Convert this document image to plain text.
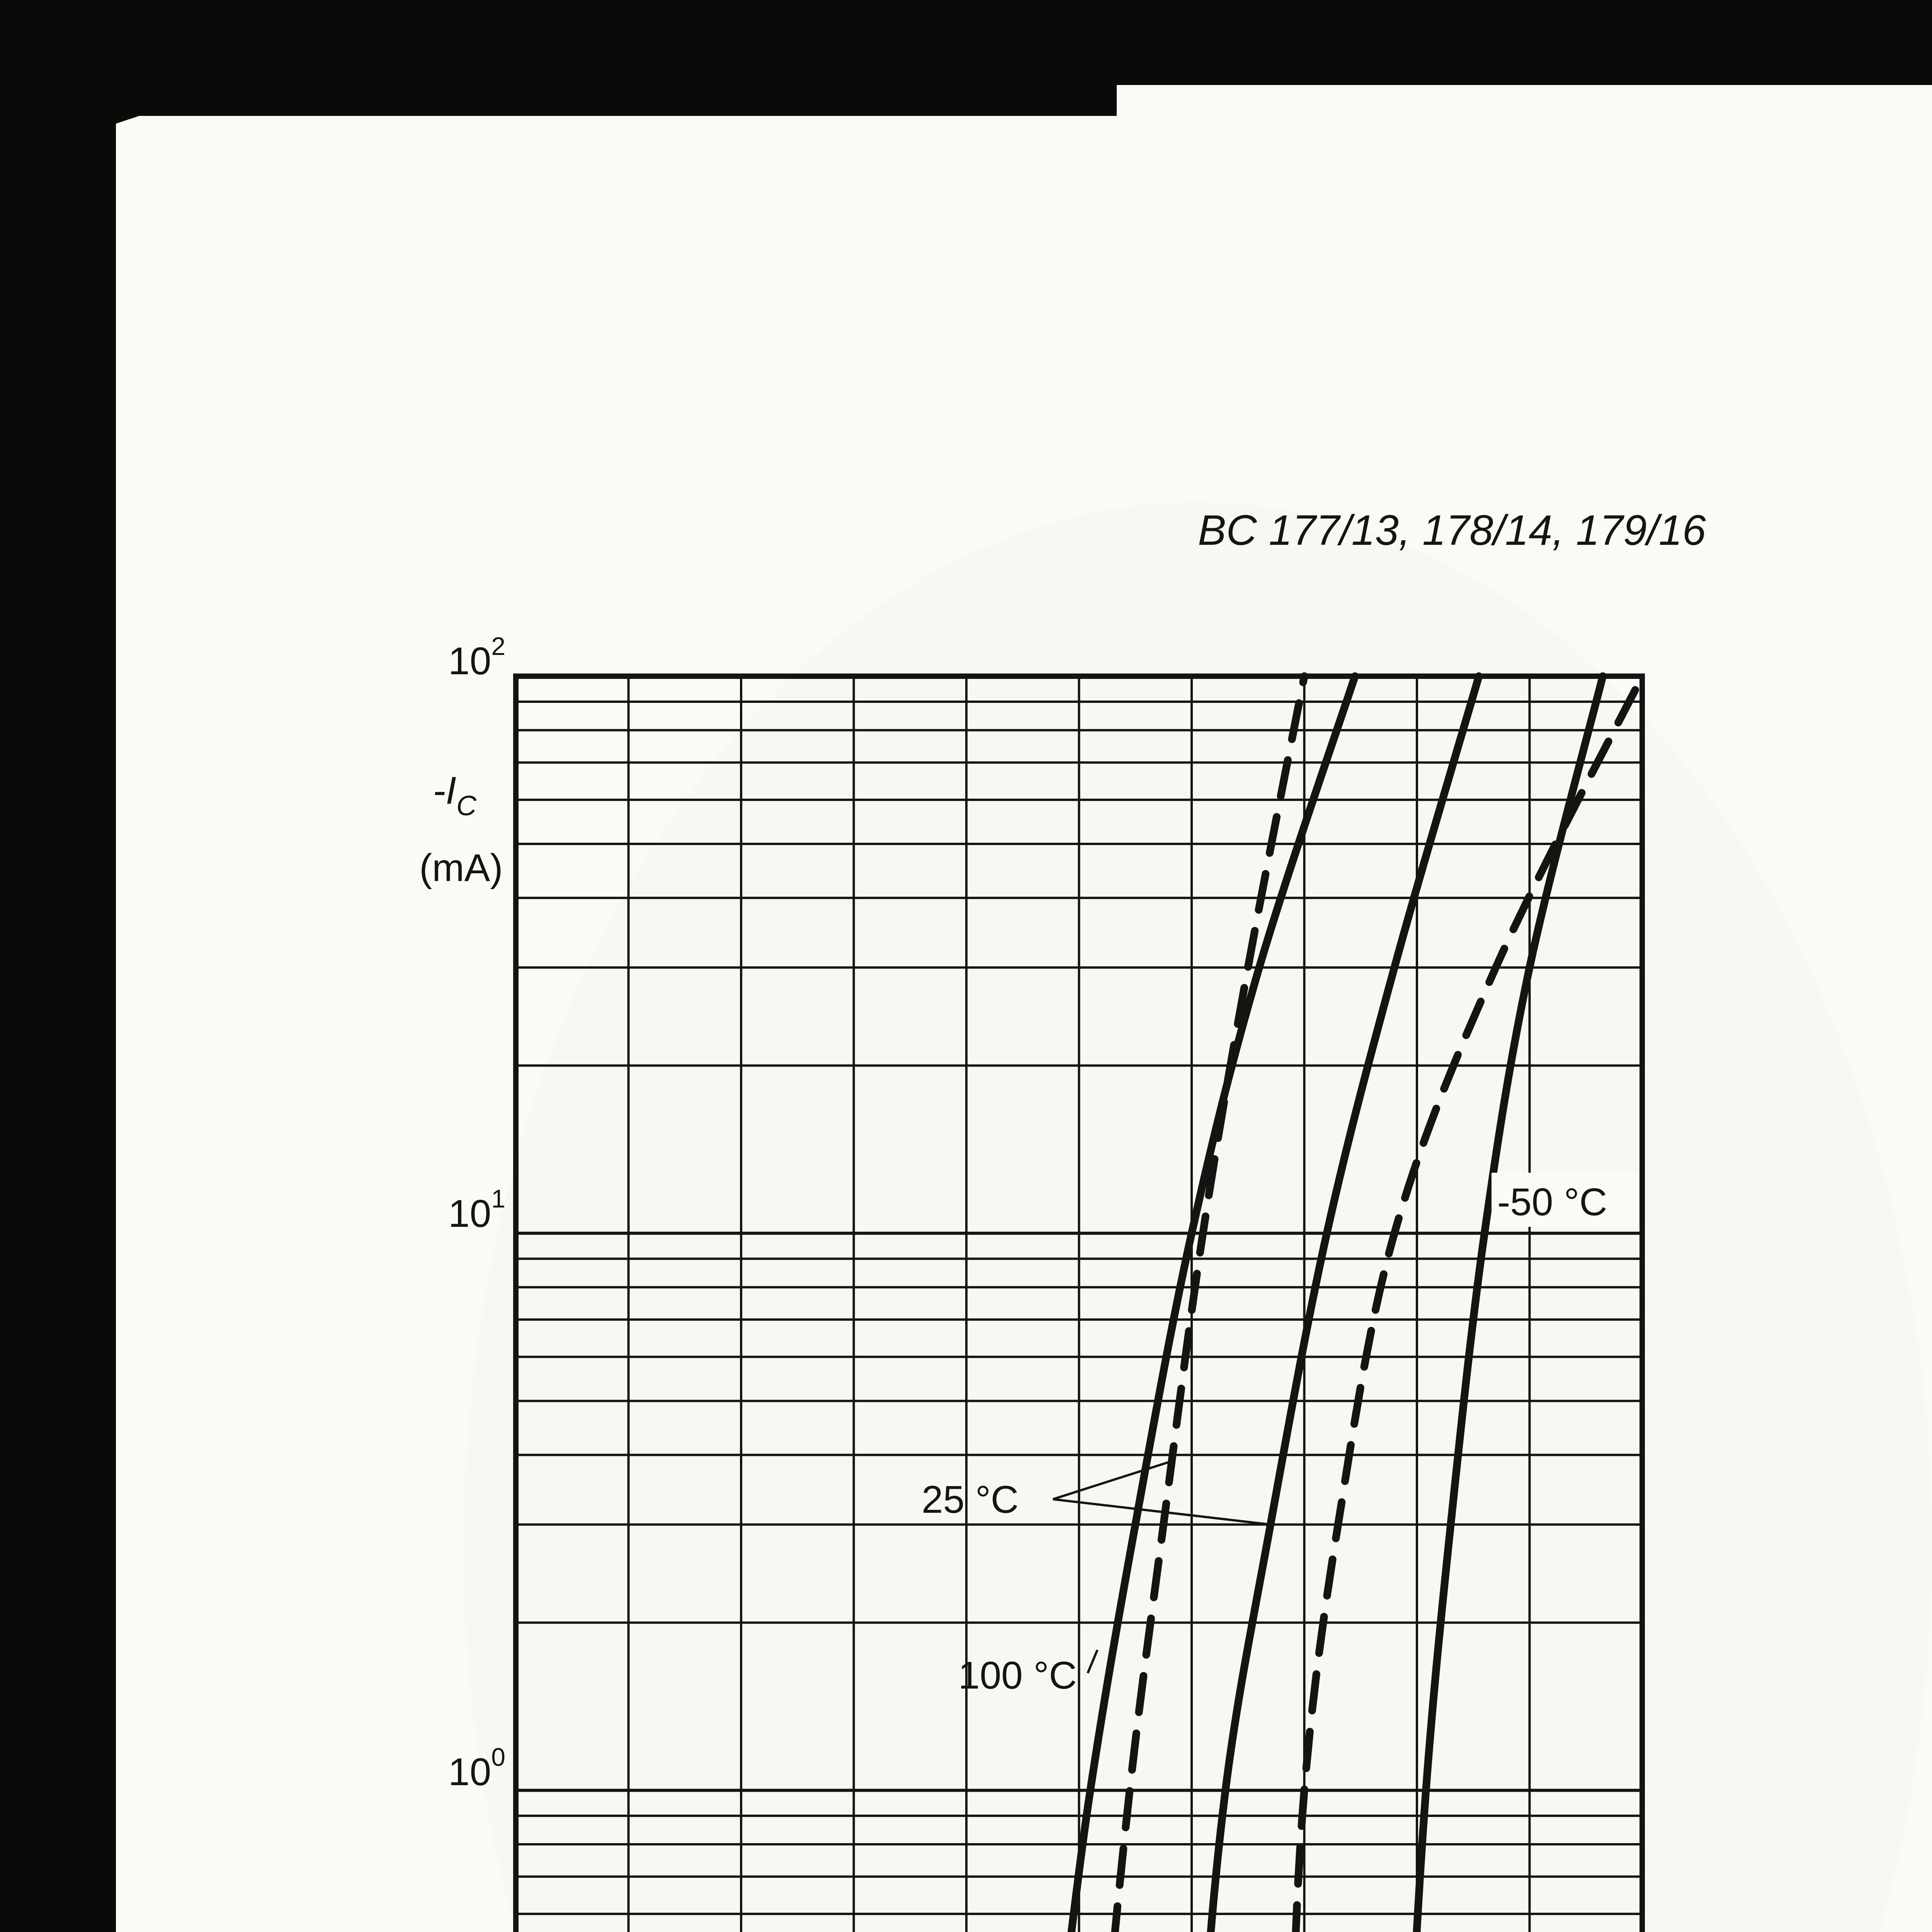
BC 177/13, 178/14, 179/16
$-I_C$
(mA)
$10^2$
$10^1$
$10^0$
-50 °C
25 °C
100 °C
